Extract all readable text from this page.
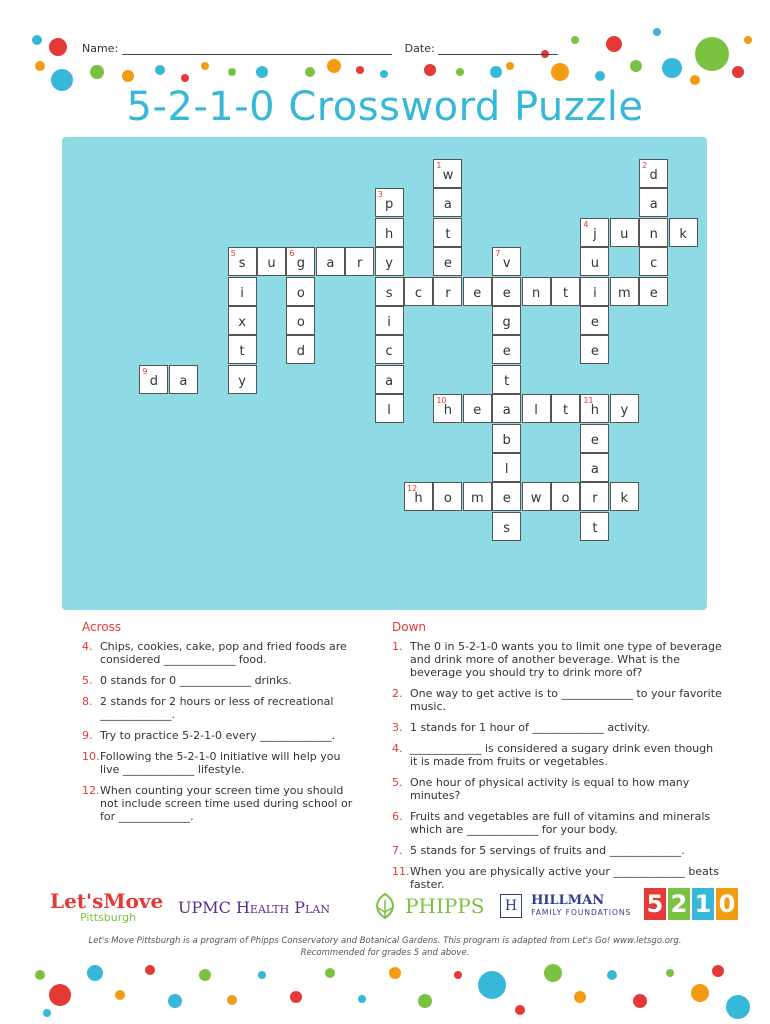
Name:	Date:
5-2-1-0 Crossword Puzzle
1
w
a
t
e
r
2
d
a
n
c
e
3
p
h
y
s
i
c
a
l
4
j	u	k
u
i
e
e
5
s	u
6
g	a	r
i
x
t
y
o
o
d
7
v
c	e	e	n	t	m
g
e
t
a
b
l
e
s
9
d	a
10
h	e	l	t
11
h	y
e
a
r
t
12
h	o	m	w	o	k
Across
4. Chips, cookies, cake, pop and fried foods are considered _____________ food.
5. 0 stands for 0 _____________ drinks.
8. 2 stands for 2 hours or less of recreational _____________.
9. Try to practice 5-2-1-0 every _____________.
10. Following the 5-2-1-0 initiative will help you live _____________ lifestyle.
12. When counting your screen time you should not include screen time used during school or for _____________.
Down
1. The 0 in 5-2-1-0 wants you to limit one type of beverage and drink more of another beverage. What is the beverage you should try to drink more of?
2. One way to get active is to _____________ to your favorite music.
3. 1 stands for 1 hour of _____________ activity.
4. _____________ is considered a sugary drink even though it is made from fruits or vegetables.
5. One hour of physical activity is equal to how many minutes?
6. Fruits and vegetables are full of vitamins and minerals which are _____________ for your body.
7. 5 stands for 5 servings of fruits and _____________.
11. When you are physically active your _____________ beats faster.
Let'sMove
Pittsburgh
UPMC Health Plan	PHIPPS	H HILLMAN
FAMILY FOUNDATIONS 5 2 1 0
Let's Move Pittsburgh is a program of Phipps Conservatory and Botanical Gardens. This program is adapted from Let's Go! www.letsgo.org.
Recommended for grades 5 and above.
